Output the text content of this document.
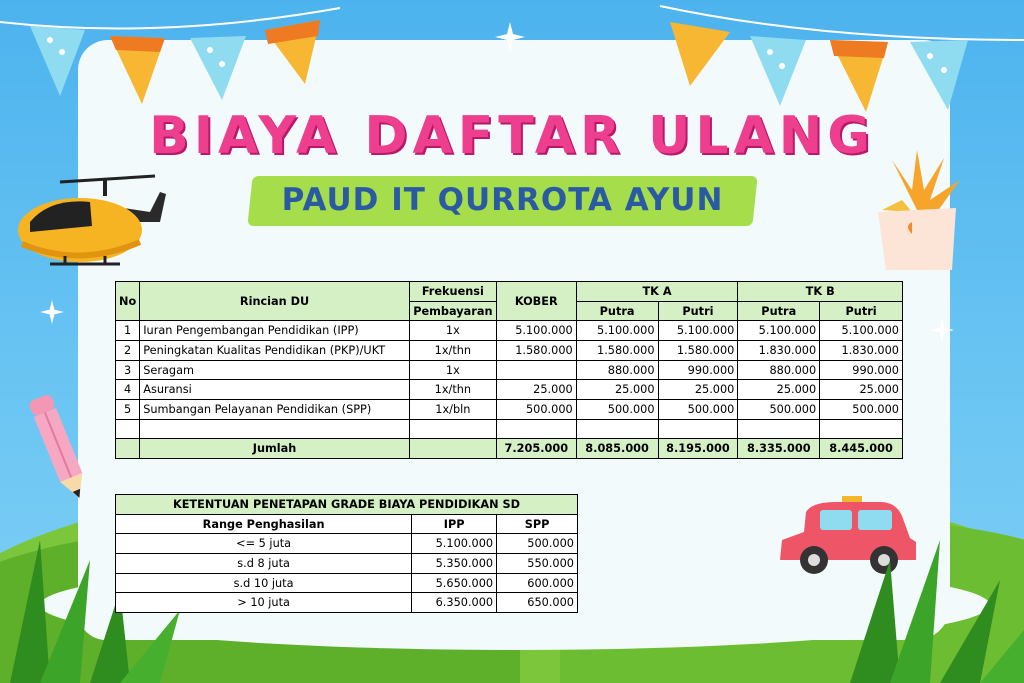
BIAYA DAFTAR ULANG
PAUD IT QURROTA AYUN
No	Rincian DU	Frekuensi	KOBER	TK A		TK B	
		Pembayaran		Putra	Putri	Putra	Putri
1	Iuran Pengembangan Pendidikan (IPP)	1x	5.100.000	5.100.000	5.100.000	5.100.000	5.100.000
2	Peningkatan Kualitas Pendidikan (PKP)/UKT	1x/thn	1.580.000	1.580.000	1.580.000	1.830.000	1.830.000
3	Seragam	1x		880.000	990.000	880.000	990.000
4	Asuransi	1x/thn	25.000	25.000	25.000	25.000	25.000
5	Sumbangan Pelayanan Pendidikan (SPP)	1x/bln	500.000	500.000	500.000	500.000	500.000

	Jumlah		7.205.000	8.085.000	8.195.000	8.335.000	8.445.000
KETENTUAN PENETAPAN GRADE BIAYA PENDIDIKAN SD		
Range Penghasilan	IPP	SPP
<= 5 juta	5.100.000	500.000
s.d 8 juta	5.350.000	550.000
s.d 10 juta	5.650.000	600.000
> 10 juta	6.350.000	650.000
